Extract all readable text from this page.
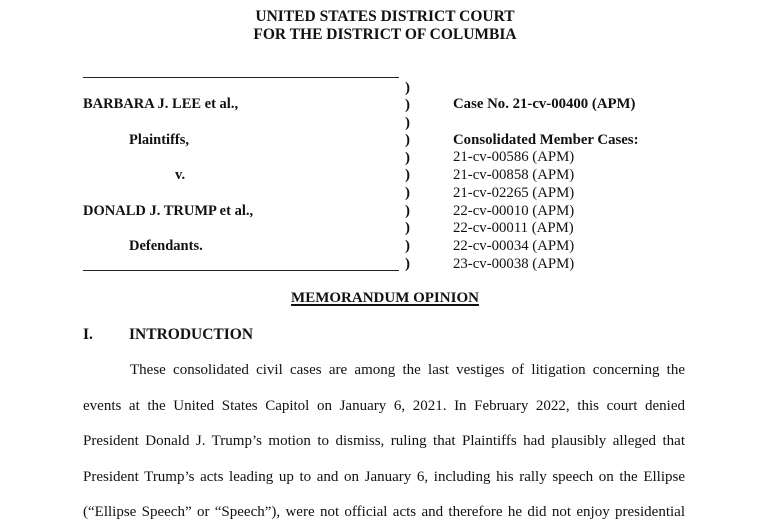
UNITED STATES DISTRICT COURT
FOR THE DISTRICT OF COLUMBIA
)
)
)
)
)
)
)
)
)
)
)
BARBARA J. LEE et al.,
Plaintiffs,
v.
DONALD J. TRUMP et al.,
Defendants.
Case No. 21-cv-00400 (APM)
Consolidated Member Cases:
21-cv-00586 (APM)
21-cv-00858 (APM)
21-cv-02265 (APM)
22-cv-00010 (APM)
22-cv-00011 (APM)
22-cv-00034 (APM)
23-cv-00038 (APM)
MEMORANDUM OPINION
I. INTRODUCTION
These consolidated civil cases are among the last vestiges of litigation concerning the
events at the United States Capitol on January 6, 2021. In February 2022, this court denied
President Donald J. Trump’s motion to dismiss, ruling that Plaintiffs had plausibly alleged that
President Trump’s acts leading up to and on January 6, including his rally speech on the Ellipse
(“Ellipse Speech” or “Speech”), were not official acts and therefore he did not enjoy presidential
